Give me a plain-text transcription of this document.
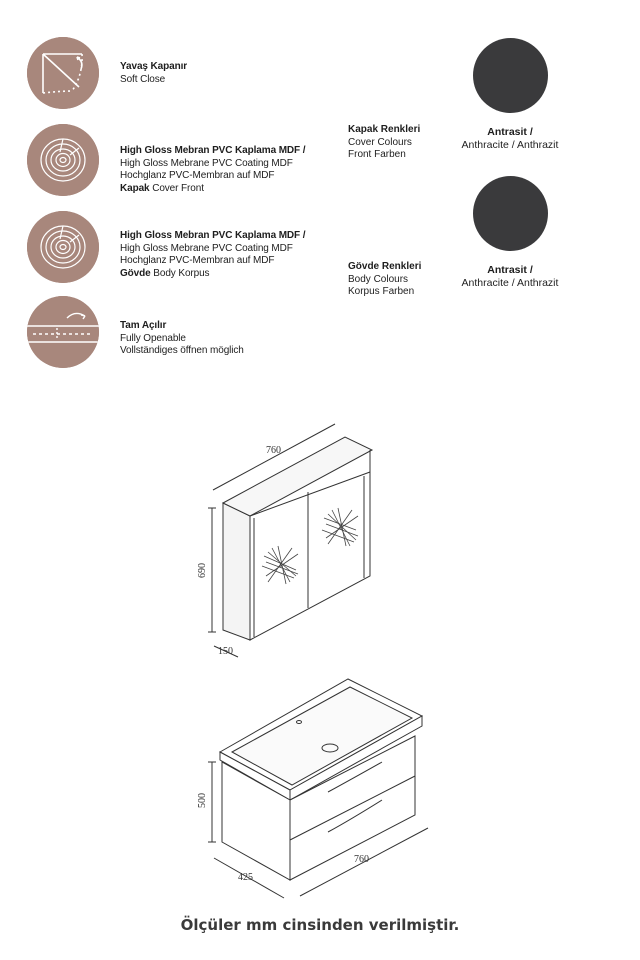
Yavaş Kapanır
Soft Close
High Gloss Mebran PVC Kaplama MDF /
High Gloss Mebrane PVC Coating MDF
Hochglanz PVC-Membran auf MDF
Kapak Cover Front
High Gloss Mebran PVC Kaplama MDF /
High Gloss Mebrane PVC Coating MDF
Hochglanz PVC-Membran auf MDF
Gövde Body Korpus
Tam Açılır
Fully Openable
Vollständiges öffnen möglich
Kapak Renkleri
Cover Colours
Front Farben
Antrasit /
Anthracite / Anthrazit
Gövde Renkleri
Body Colours
Korpus Farben
Antrasit /
Anthracite / Anthrazit
760
690
150
500
425
760
Ölçüler mm cinsinden verilmiştir.
